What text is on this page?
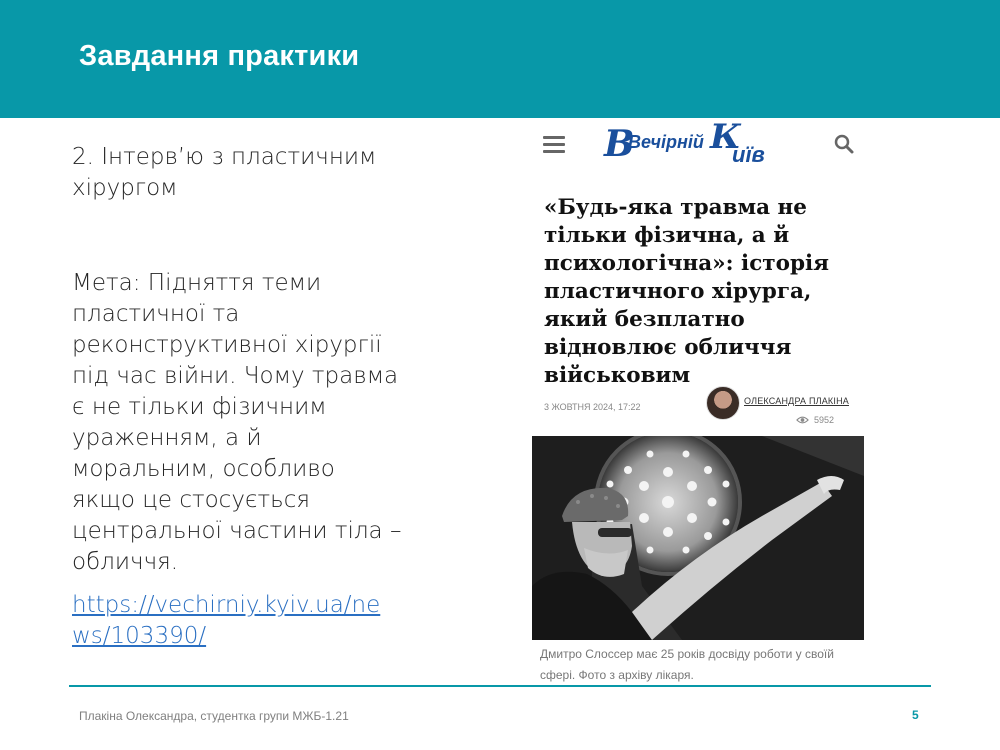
Завдання практики

2. Інтерв’ю з пластичним хірургом

Мета: Підняття теми пластичної та реконструктивної хірургії під час війни. Чому травма є не тільки фізичним ураженням, а й моральним, особливо якщо це стосується центральної частини тіла – обличчя.

https://vechirniy.kyiv.ua/news/103390/
В
Вечірній К
иїв
«Будь-яка травма не тільки фізична, а й психологічна»: історія пластичного хірурга, який безплатно відновлює обличчя військовим
3 ЖОВТНЯ 2024, 17:22
ОЛЕКСАНДРА ПЛАКІНА
5952
Дмитро Слоссер має 25 років досвіду роботи у своїй сфері. Фото з архіву лікаря.
Плакіна Олександра, студентка групи МЖБ-1.21	5
